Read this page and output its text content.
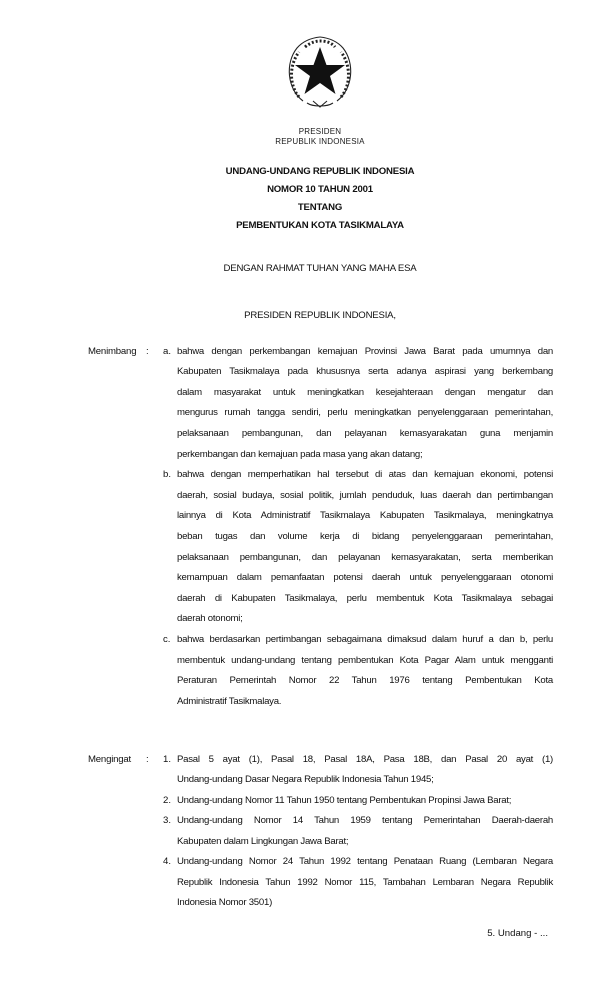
PRESIDEN
REPUBLIK INDONESIA
UNDANG-UNDANG REPUBLIK INDONESIA
NOMOR 10 TAHUN 2001
TENTANG
PEMBENTUKAN KOTA TASIKMALAYA
DENGAN RAHMAT TUHAN YANG MAHA ESA
PRESIDEN REPUBLIK INDONESIA,
Menimbang : a. bahwa dengan perkembangan kemajuan Provinsi Jawa Barat pada umumnya dan
Kabupaten Tasikmalaya pada khususnya serta adanya aspirasi yang berkembang
dalam masyarakat untuk meningkatkan kesejahteraan dengan mengatur dan
mengurus rumah tangga sendiri, perlu meningkatkan penyelenggaraan pemerintahan,
pelaksanaan pembangunan, dan pelayanan kemasyarakatan guna menjamin
perkembangan dan kemajuan pada masa yang akan datang;
b. bahwa dengan memperhatikan hal tersebut di atas dan kemajuan ekonomi, potensi
daerah, sosial budaya, sosial politik, jumlah penduduk, luas daerah dan pertimbangan
lainnya di Kota Administratif Tasikmalaya Kabupaten Tasikmalaya, meningkatnya
beban tugas dan volume kerja di bidang penyelenggaraan pemerintahan,
pelaksanaan pembangunan, dan pelayanan kemasyarakatan, serta memberikan
kemampuan dalam pemanfaatan potensi daerah untuk penyelenggaraan otonomi
daerah di Kabupaten Tasikmalaya, perlu membentuk Kota Tasikmalaya sebagai
daerah otonomi;
c. bahwa berdasarkan pertimbangan sebagaimana dimaksud dalam huruf a dan b, perlu
membentuk undang-undang tentang pembentukan Kota Pagar Alam untuk mengganti
Peraturan Pemerintah Nomor 22 Tahun 1976 tentang Pembentukan Kota
Administratif Tasikmalaya.
Mengingat : 1. Pasal 5 ayat (1), Pasal 18, Pasal 18A, Pasa 18B, dan Pasal 20 ayat (1)
Undang-undang Dasar Negara Republik Indonesia Tahun 1945;
2. Undang-undang Nomor 11 Tahun 1950 tentang Pembentukan Propinsi Jawa Barat;
3. Undang-undang Nomor 14 Tahun 1959 tentang Pemerintahan Daerah-daerah
Kabupaten dalam Lingkungan Jawa Barat;
4. Undang-undang Nomor 24 Tahun 1992 tentang Penataan Ruang (Lembaran Negara
Republik Indonesia Tahun 1992 Nomor 115, Tambahan Lembaran Negara Republik
Indonesia Nomor 3501)
5. Undang - ...
